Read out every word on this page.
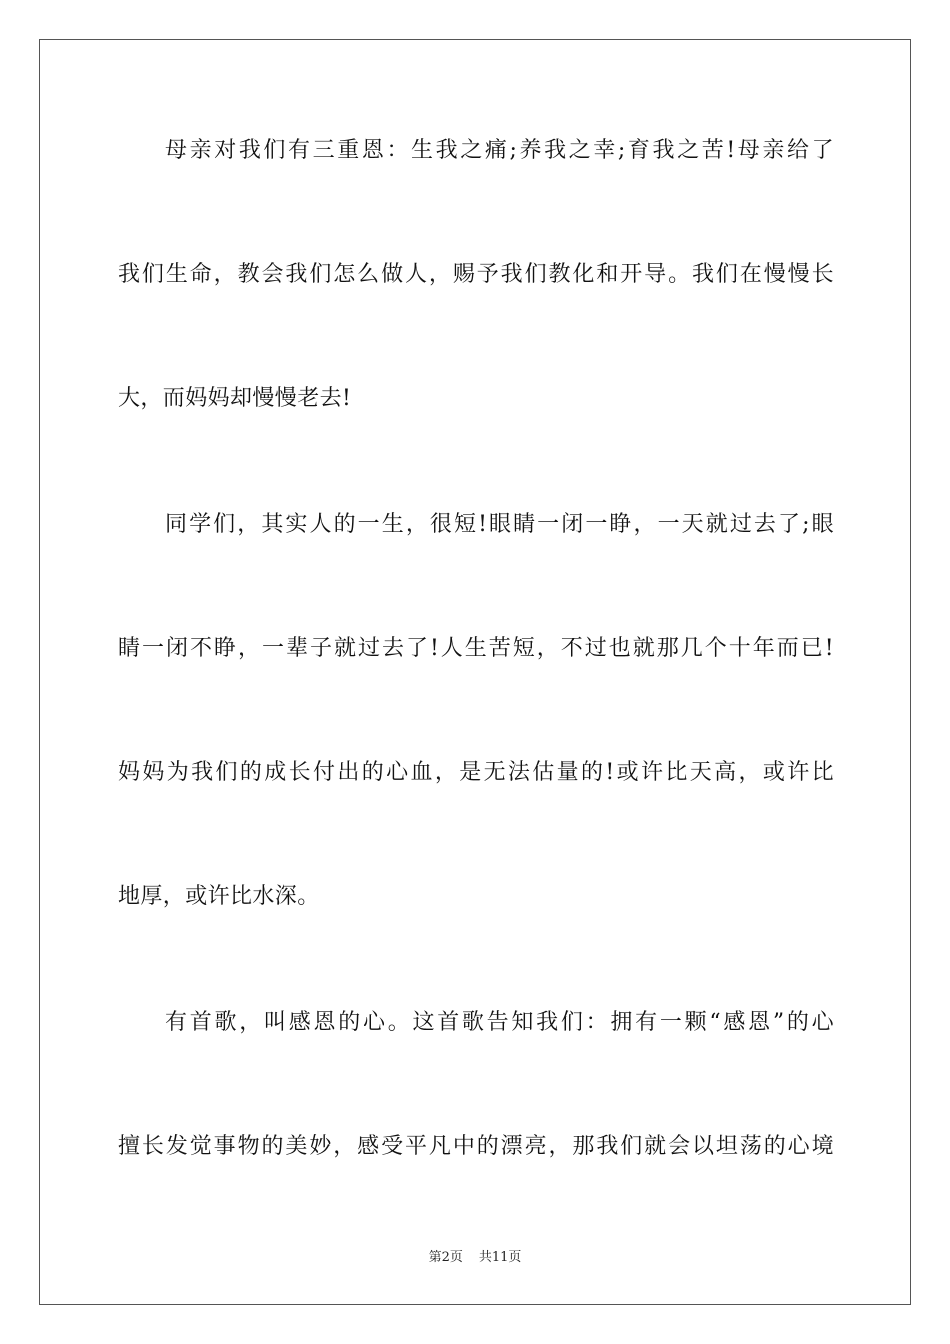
母亲对我们有三重恩：生我之痛;养我之幸;育我之苦!母亲给了
我们生命，教会我们怎么做人，赐予我们教化和开导。我们在慢慢长
大，而妈妈却慢慢老去!
同学们，其实人的一生，很短!眼睛一闭一睁，一天就过去了;眼
睛一闭不睁，一辈子就过去了!人生苦短，不过也就那几个十年而已!
妈妈为我们的成长付出的心血，是无法估量的!或许比天高，或许比
地厚，或许比水深。
有首歌，叫感恩的心。这首歌告知我们：拥有一颗“感恩”的心
擅长发觉事物的美妙，感受平凡中的漂亮，那我们就会以坦荡的心境
第2页 共11页
